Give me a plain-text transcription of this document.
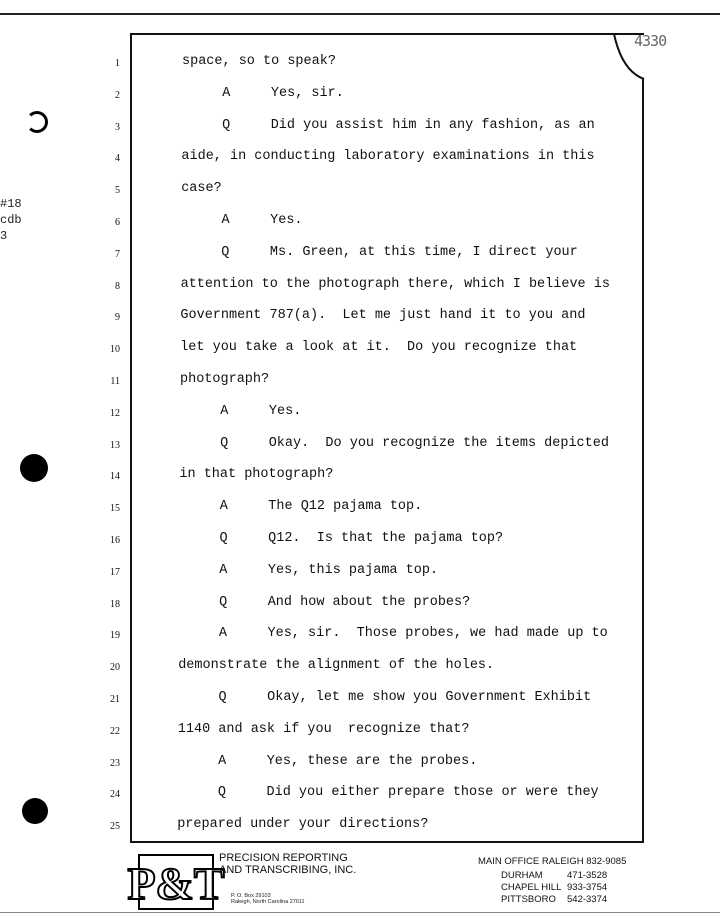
#18
cdb
3
4330
1	space, so to speak?
2	A     Yes, sir.
3	Q     Did you assist him in any fashion, as an
4	aide, in conducting laboratory examinations in this
5	case?
6	A     Yes.
7	Q     Ms. Green, at this time, I direct your
8	attention to the photograph there, which I believe is
9	Government 787(a).  Let me just hand it to you and
10	let you take a look at it.  Do you recognize that
11	photograph?
12	A     Yes.
13	Q     Okay.  Do you recognize the items depicted
14	in that photograph?
15	A     The Q12 pajama top.
16	Q     Q12.  Is that the pajama top?
17	A     Yes, this pajama top.
18	Q     And how about the probes?
19	A     Yes, sir.  Those probes, we had made up to
20	demonstrate the alignment of the holes.
21	Q     Okay, let me show you Government Exhibit
22	1140 and ask if you  recognize that?
23	A     Yes, these are the probes.
24	Q     Did you either prepare those or were they
25	prepared under your directions?
P&T
PRECISION REPORTING
AND TRANSCRIBING, INC.
P. O. Box 29103
Raleigh, North Carolina 27611
MAIN OFFICE RALEIGH 832-9085
DURHAM	471-3528
CHAPEL HILL 933-3754
PITTSBORO 542-3374
